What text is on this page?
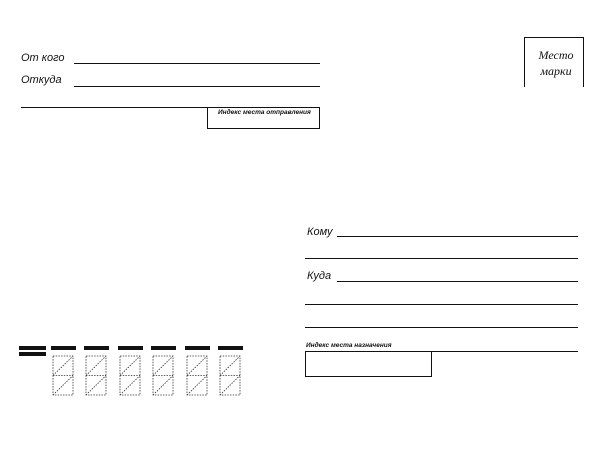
От кого
Откуда
Индекс места отправления
Место
марки
Кому
Куда
Индекс места назначения
